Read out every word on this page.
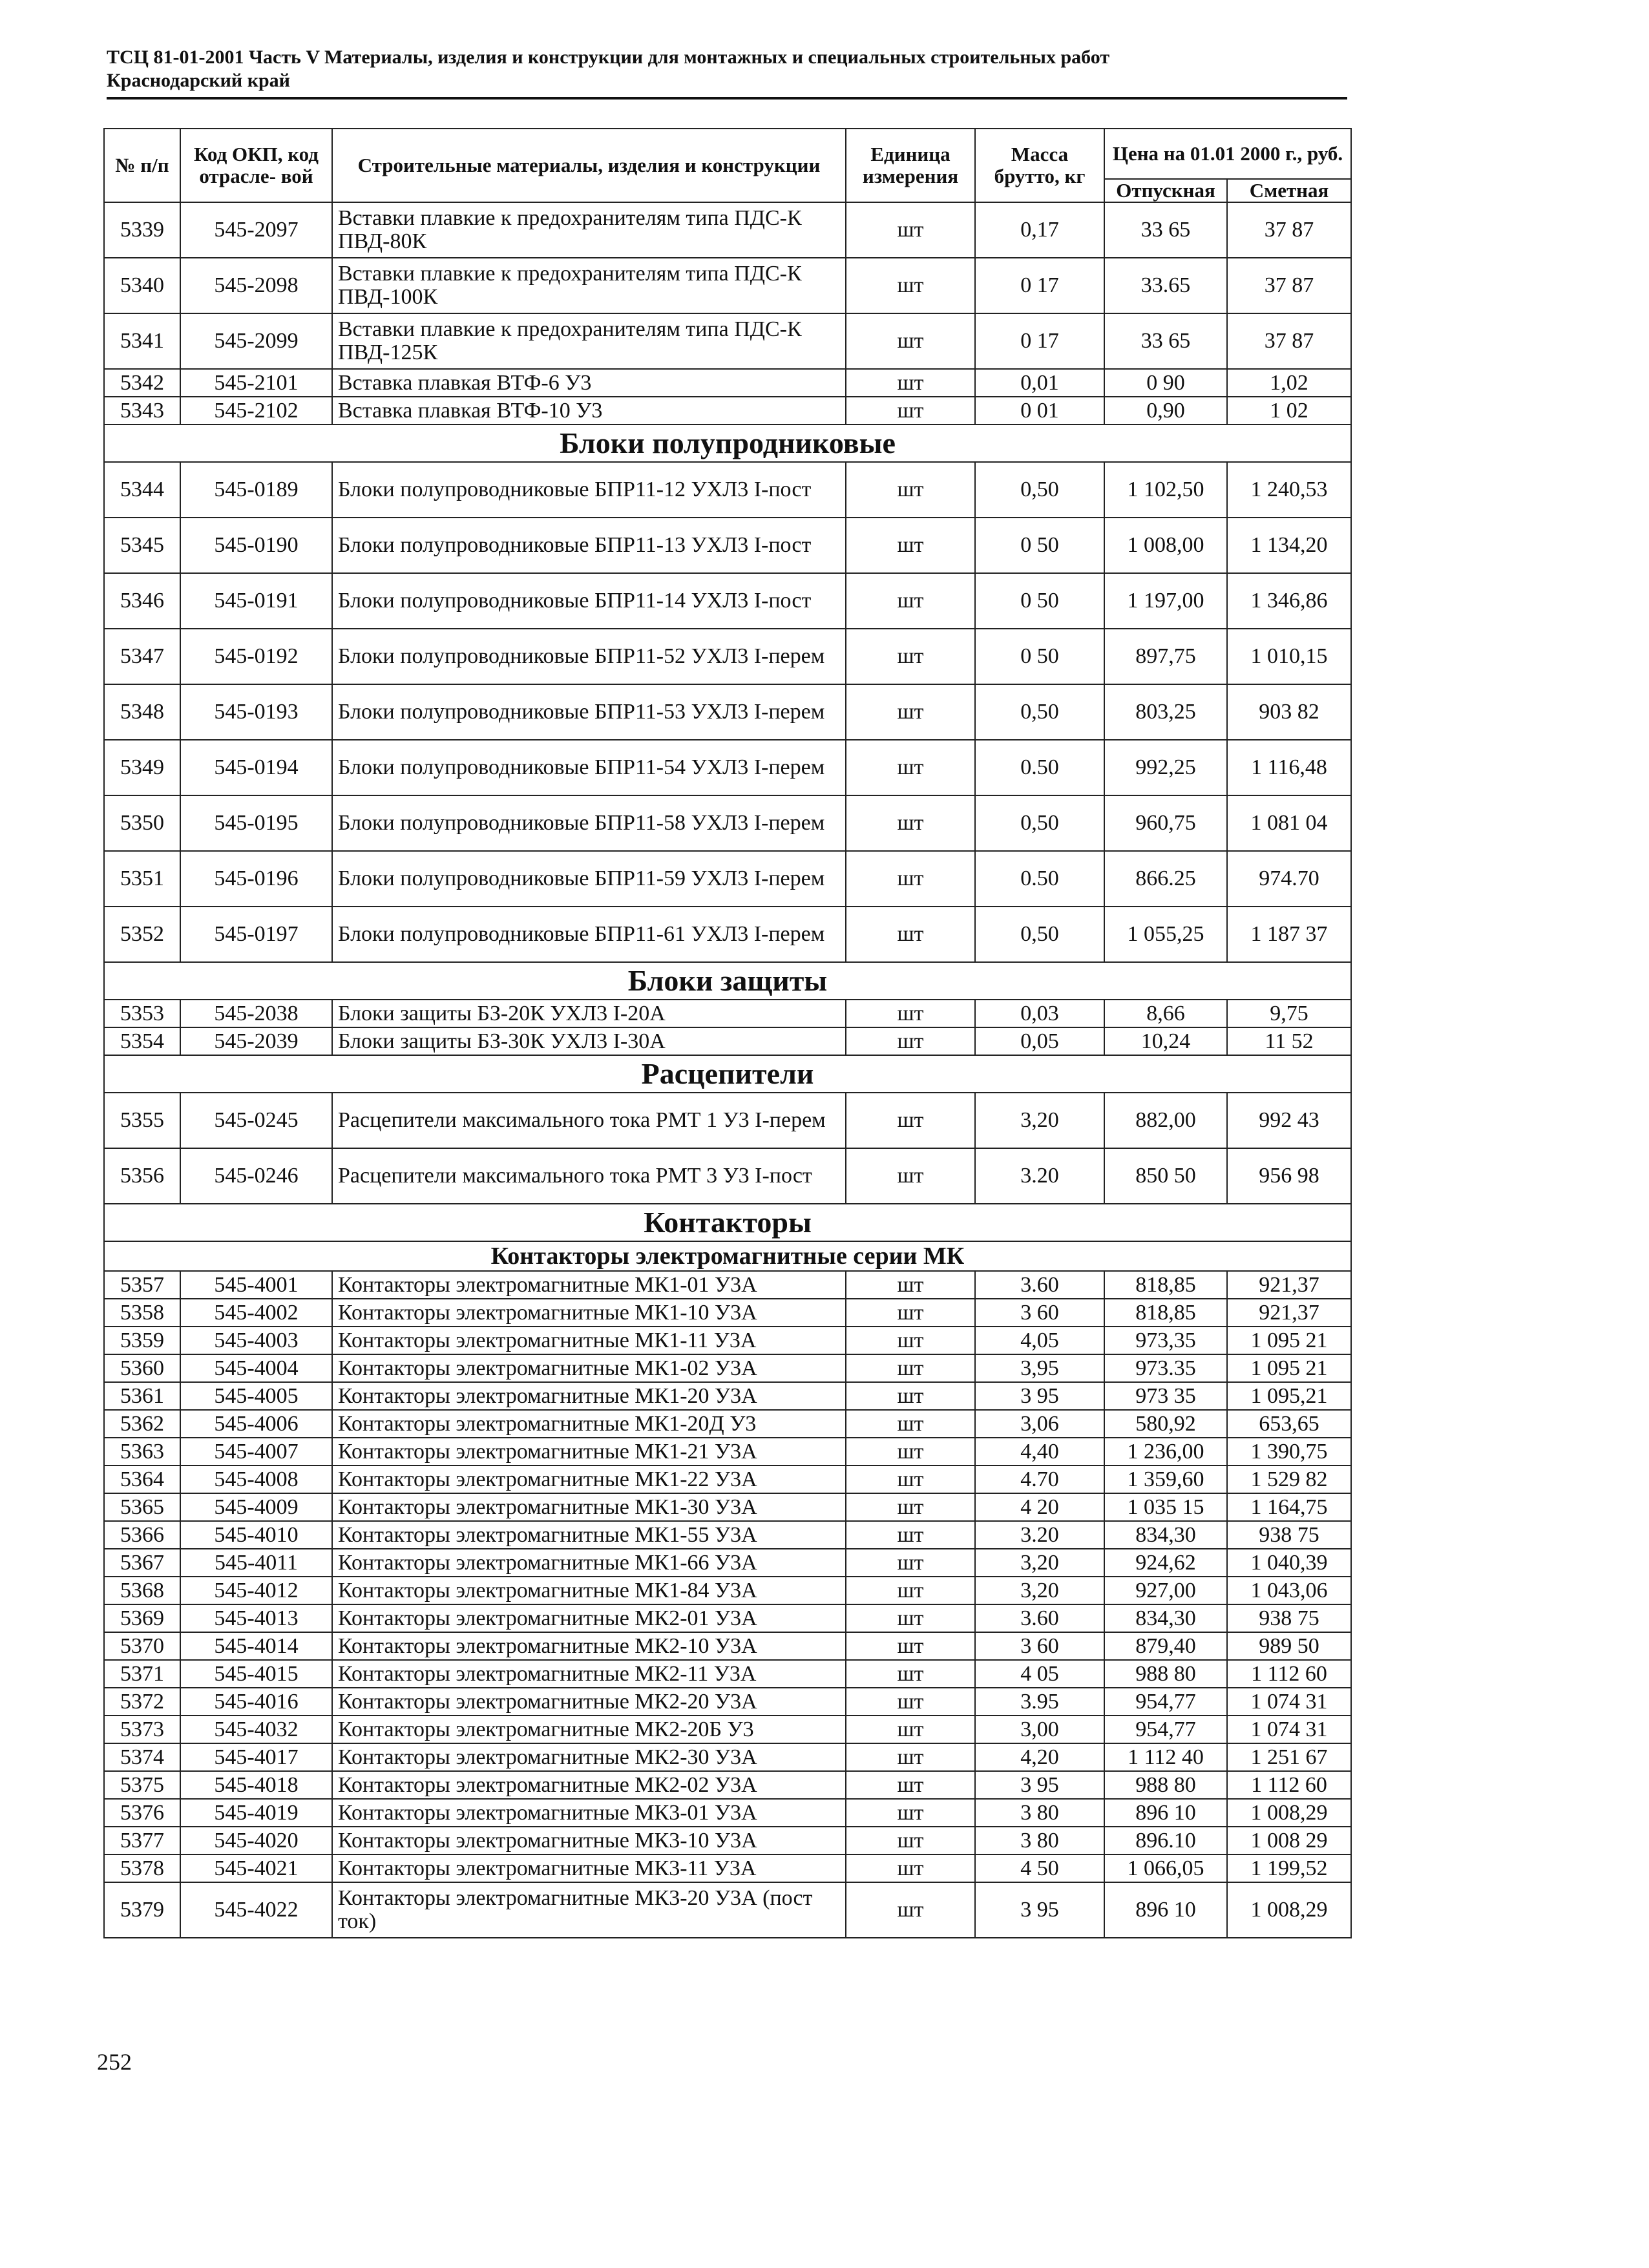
ТСЦ 81-01-2001 Часть V Материалы, изделия и конструкции для монтажных и специальных строительных работ
Краснодарский край
№ п/п	Код ОКП, код отрасле- вой	Строительные материалы, изделия и конструкции	Единица измерения	Масса брутто, кг	Цена на 01.01 2000 г., руб.	
					Отпускная	Сметная
5339	545-2097	Вставки плавкие к предохранителям типа ПДС-К ПВД-80К	шт	0,17	33 65	37 87
5340	545-2098	Вставки плавкие к предохранителям типа ПДС-К ПВД-100К	шт	0 17	33.65	37 87
5341	545-2099	Вставки плавкие к предохранителям типа ПДС-К ПВД-125К	шт	0 17	33 65	37 87
5342	545-2101	Вставка плавкая ВТФ-6 У3	шт	0,01	0 90	1,02
5343	545-2102	Вставка плавкая ВТФ-10 У3	шт	0 01	0,90	1 02
Блоки полупродниковые						
5344	545-0189	Блоки полупроводниковые БПР11-12 УХЛ3 I-пост	шт	0,50	1 102,50	1 240,53
5345	545-0190	Блоки полупроводниковые БПР11-13 УХЛ3 I-пост	шт	0 50	1 008,00	1 134,20
5346	545-0191	Блоки полупроводниковые БПР11-14 УХЛ3 I-пост	шт	0 50	1 197,00	1 346,86
5347	545-0192	Блоки полупроводниковые БПР11-52 УХЛ3 I-перем	шт	0 50	897,75	1 010,15
5348	545-0193	Блоки полупроводниковые БПР11-53 УХЛ3 I-перем	шт	0,50	803,25	903 82
5349	545-0194	Блоки полупроводниковые БПР11-54 УХЛ3 I-перем	шт	0.50	992,25	1 116,48
5350	545-0195	Блоки полупроводниковые БПР11-58 УХЛ3 I-перем	шт	0,50	960,75	1 081 04
5351	545-0196	Блоки полупроводниковые БПР11-59 УХЛ3 I-перем	шт	0.50	866.25	974.70
5352	545-0197	Блоки полупроводниковые БПР11-61 УХЛ3 I-перем	шт	0,50	1 055,25	1 187 37
Блоки защиты						
5353	545-2038	Блоки защиты БЗ-20К УХЛ3 I-20А	шт	0,03	8,66	9,75
5354	545-2039	Блоки защиты БЗ-30К УХЛ3 I-30А	шт	0,05	10,24	11 52
Расцепители						
5355	545-0245	Расцепители максимального тока РМТ 1 У3 I-перем	шт	3,20	882,00	992 43
5356	545-0246	Расцепители максимального тока РМТ 3 У3 I-пост	шт	3.20	850 50	956 98
Контакторы						
Контакторы электромагнитные серии МК						
5357	545-4001	Контакторы электромагнитные МК1-01 У3А	шт	3.60	818,85	921,37
5358	545-4002	Контакторы электромагнитные МК1-10 У3А	шт	3 60	818,85	921,37
5359	545-4003	Контакторы электромагнитные МК1-11 У3А	шт	4,05	973,35	1 095 21
5360	545-4004	Контакторы электромагнитные МК1-02 У3А	шт	3,95	973.35	1 095 21
5361	545-4005	Контакторы электромагнитные МК1-20 У3А	шт	3 95	973 35	1 095,21
5362	545-4006	Контакторы электромагнитные МК1-20Д У3	шт	3,06	580,92	653,65
5363	545-4007	Контакторы электромагнитные МК1-21 У3А	шт	4,40	1 236,00	1 390,75
5364	545-4008	Контакторы электромагнитные МК1-22 У3А	шт	4.70	1 359,60	1 529 82
5365	545-4009	Контакторы электромагнитные МК1-30 У3А	шт	4 20	1 035 15	1 164,75
5366	545-4010	Контакторы электромагнитные МК1-55 У3А	шт	3.20	834,30	938 75
5367	545-4011	Контакторы электромагнитные МК1-66 У3А	шт	3,20	924,62	1 040,39
5368	545-4012	Контакторы электромагнитные МК1-84 У3А	шт	3,20	927,00	1 043,06
5369	545-4013	Контакторы электромагнитные МК2-01 У3А	шт	3.60	834,30	938 75
5370	545-4014	Контакторы электромагнитные МК2-10 У3А	шт	3 60	879,40	989 50
5371	545-4015	Контакторы электромагнитные МК2-11 У3А	шт	4 05	988 80	1 112 60
5372	545-4016	Контакторы электромагнитные МК2-20 У3А	шт	3.95	954,77	1 074 31
5373	545-4032	Контакторы электромагнитные МК2-20Б У3	шт	3,00	954,77	1 074 31
5374	545-4017	Контакторы электромагнитные МК2-30 У3А	шт	4,20	1 112 40	1 251 67
5375	545-4018	Контакторы электромагнитные МК2-02 У3А	шт	3 95	988 80	1 112 60
5376	545-4019	Контакторы электромагнитные МК3-01 У3А	шт	3 80	896 10	1 008,29
5377	545-4020	Контакторы электромагнитные МК3-10 У3А	шт	3 80	896.10	1 008 29
5378	545-4021	Контакторы электромагнитные МК3-11 У3А	шт	4 50	1 066,05	1 199,52
5379	545-4022	Контакторы электромагнитные МК3-20 У3А (пост ток)	шт	3 95	896 10	1 008,29
252
